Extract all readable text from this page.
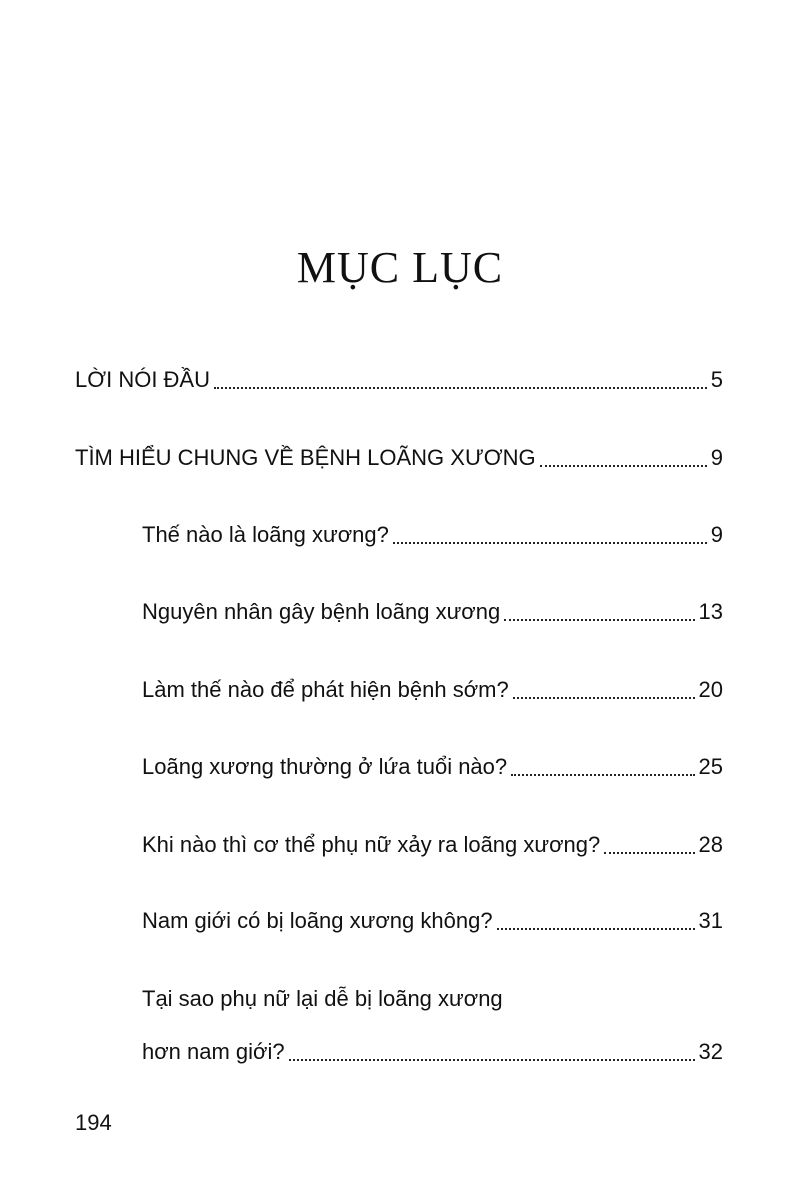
MỤC LỤC
LỜI NÓI ĐẦU	5
TÌM HIỂU CHUNG VỀ BỆNH LOÃNG XƯƠNG	9
Thế nào là loãng xương?	9
Nguyên nhân gây bệnh loãng xương	13
Làm thế nào để phát hiện bệnh sớm?	20
Loãng xương thường ở lứa tuổi nào?	25
Khi nào thì cơ thể phụ nữ xảy ra loãng xương?	28
Nam giới có bị loãng xương không?	31
Tại sao phụ nữ lại dễ bị loãng xương
hơn nam giới?	32
194
